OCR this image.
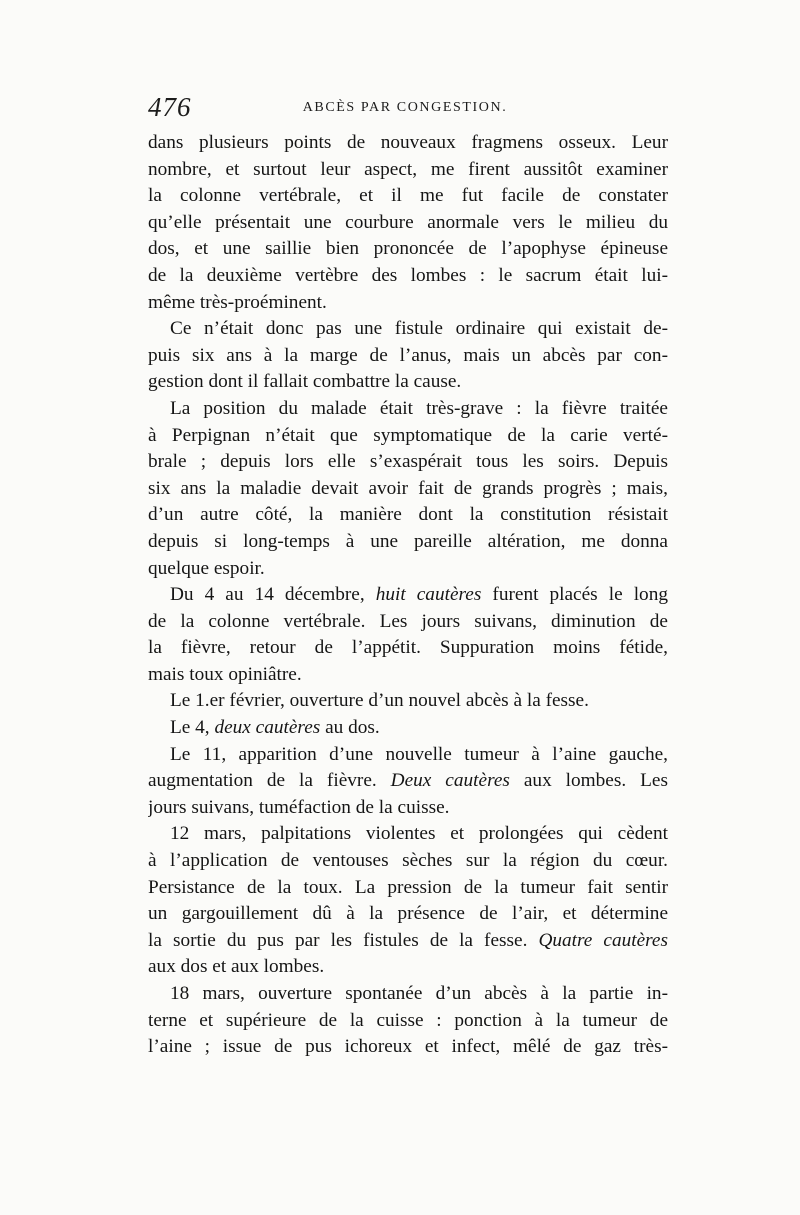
476	ABCÈS PAR CONGESTION.
dans plusieurs points de nouveaux fragmens osseux. Leur
nombre, et surtout leur aspect, me firent aussitôt examiner
la colonne vertébrale, et il me fut facile de constater
qu’elle présentait une courbure anormale vers le milieu du
dos, et une saillie bien prononcée de l’apophyse épineuse
de la deuxième vertèbre des lombes : le sacrum était lui-
même très-proéminent.
Ce n’était donc pas une fistule ordinaire qui existait de-
puis six ans à la marge de l’anus, mais un abcès par con-
gestion dont il fallait combattre la cause.
La position du malade était très-grave : la fièvre traitée
à Perpignan n’était que symptomatique de la carie verté-
brale ; depuis lors elle s’exaspérait tous les soirs. Depuis
six ans la maladie devait avoir fait de grands progrès ; mais,
d’un autre côté, la manière dont la constitution résistait
depuis si long-temps à une pareille altération, me donna
quelque espoir.
Du 4 au 14 décembre, huit cautères furent placés le long
de la colonne vertébrale. Les jours suivans, diminution de
la fièvre, retour de l’appétit. Suppuration moins fétide,
mais toux opiniâtre.
Le 1.er février, ouverture d’un nouvel abcès à la fesse.
Le 4, deux cautères au dos.
Le 11, apparition d’une nouvelle tumeur à l’aine gauche,
augmentation de la fièvre. Deux cautères aux lombes. Les
jours suivans, tuméfaction de la cuisse.
12 mars, palpitations violentes et prolongées qui cèdent
à l’application de ventouses sèches sur la région du cœur.
Persistance de la toux. La pression de la tumeur fait sentir
un gargouillement dû à la présence de l’air, et détermine
la sortie du pus par les fistules de la fesse. Quatre cautères
aux dos et aux lombes.
18 mars, ouverture spontanée d’un abcès à la partie in-
terne et supérieure de la cuisse : ponction à la tumeur de
l’aine ; issue de pus ichoreux et infect, mêlé de gaz très-
